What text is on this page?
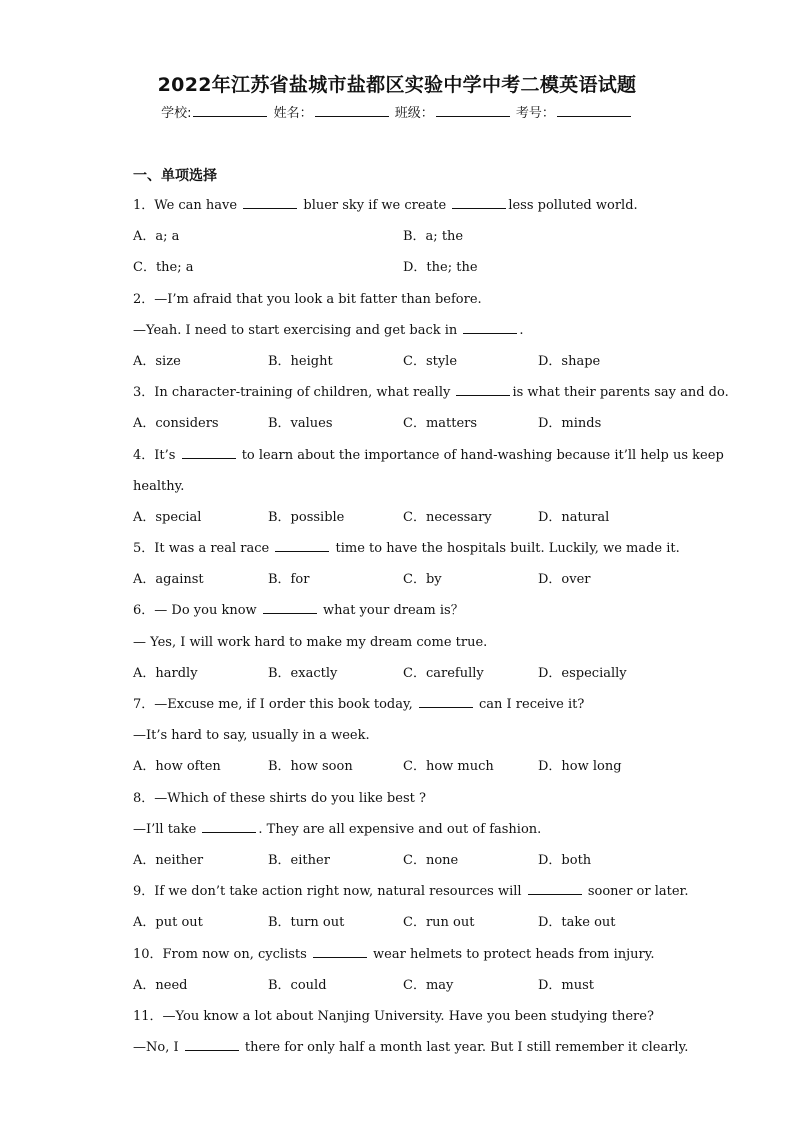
2022年江苏省盐城市盐都区实验中学中考二模英语试题
学校:	姓名：	班级：	考号：
一、单项选择
1．We can have	bluer sky if we create	less polluted world.
A．a; a	B．a; the
C．the; a	D．the; the
2．—I’m afraid that you look a bit fatter than before.
—Yeah. I need to start exercising and get back in	.
A．size	B．height	C．style	D．shape
3．In character-training of children, what really	is what their parents say and do.
A．considers	B．values	C．matters	D．minds
4．It’s	to learn about the importance of hand-washing because it’ll help us keep
healthy.
A．special	B．possible	C．necessary	D．natural
5．It was a real race	time to have the hospitals built. Luckily, we made it.
A．against	B．for	C．by	D．over
6．— Do you know	what your dream is？
— Yes, I will work hard to make my dream come true.
A．hardly	B．exactly	C．carefully	D．especially
7．—Excuse me, if I order this book today,	can I receive it?
—It’s hard to say, usually in a week.
A．how often	B．how soon	C．how much	D．how long
8．—Which of these shirts do you like best ?
—I’ll take	. They are all expensive and out of fashion.
A．neither	B．either	C．none	D．both
9．If we don’t take action right now, natural resources will	sooner or later.
A．put out	B．turn out	C．run out	D．take out
10．From now on, cyclists	wear helmets to protect heads from injury.
A．need	B．could	C．may	D．must
11．—You know a lot about Nanjing University. Have you been studying there?
—No, I	there for only half a month last year. But I still remember it clearly.
